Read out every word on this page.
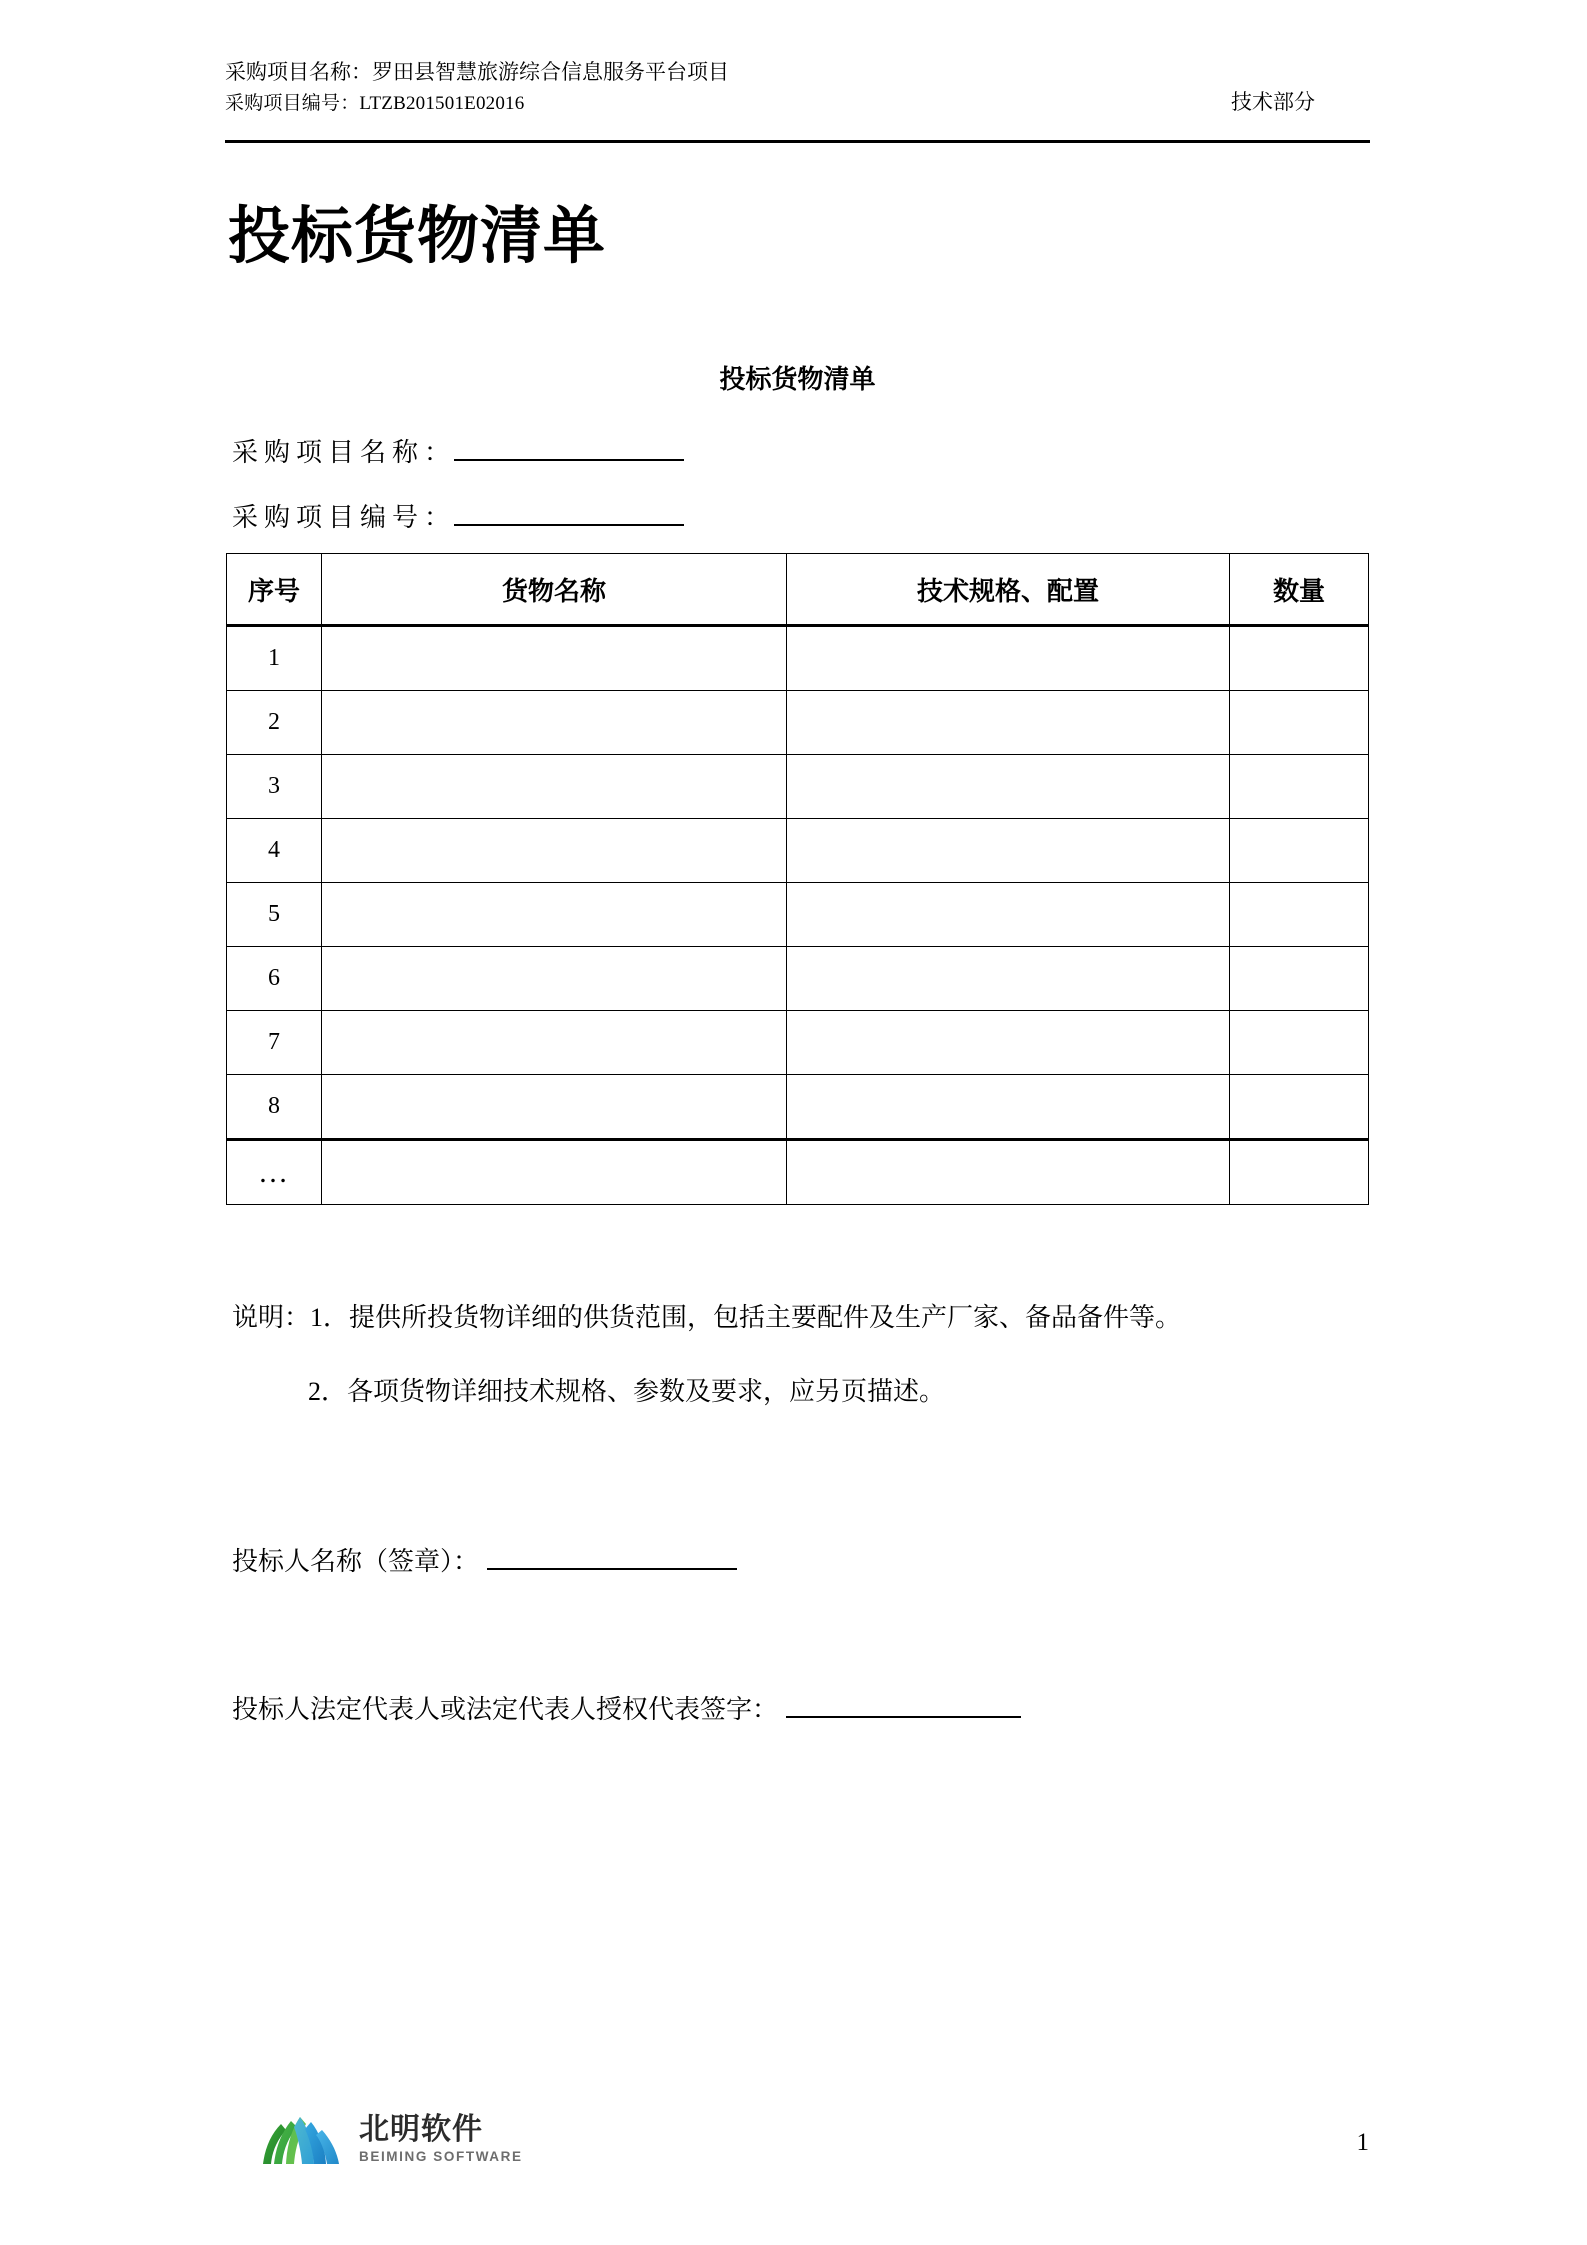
采购项目名称：罗田县智慧旅游综合信息服务平台项目
采购项目编号：LTZB201501E02016	技术部分
投标货物清单
投标货物清单
采购项目名称 ：
采购项目编号 ：
序号	货物名称	技术规格、配置	数量
1			
2			
3			
4			
5			
6			
7			
8			
…			
说明：1．提供所投货物详细的供货范围，包括主要配件及生产厂家、备品备件等。
2．各项货物详细技术规格、参数及要求，应另页描述。
投标人名称（签章）：
投标人法定代表人或法定代表人授权代表签字：
北明软件
BEIMING SOFTWARE
1
